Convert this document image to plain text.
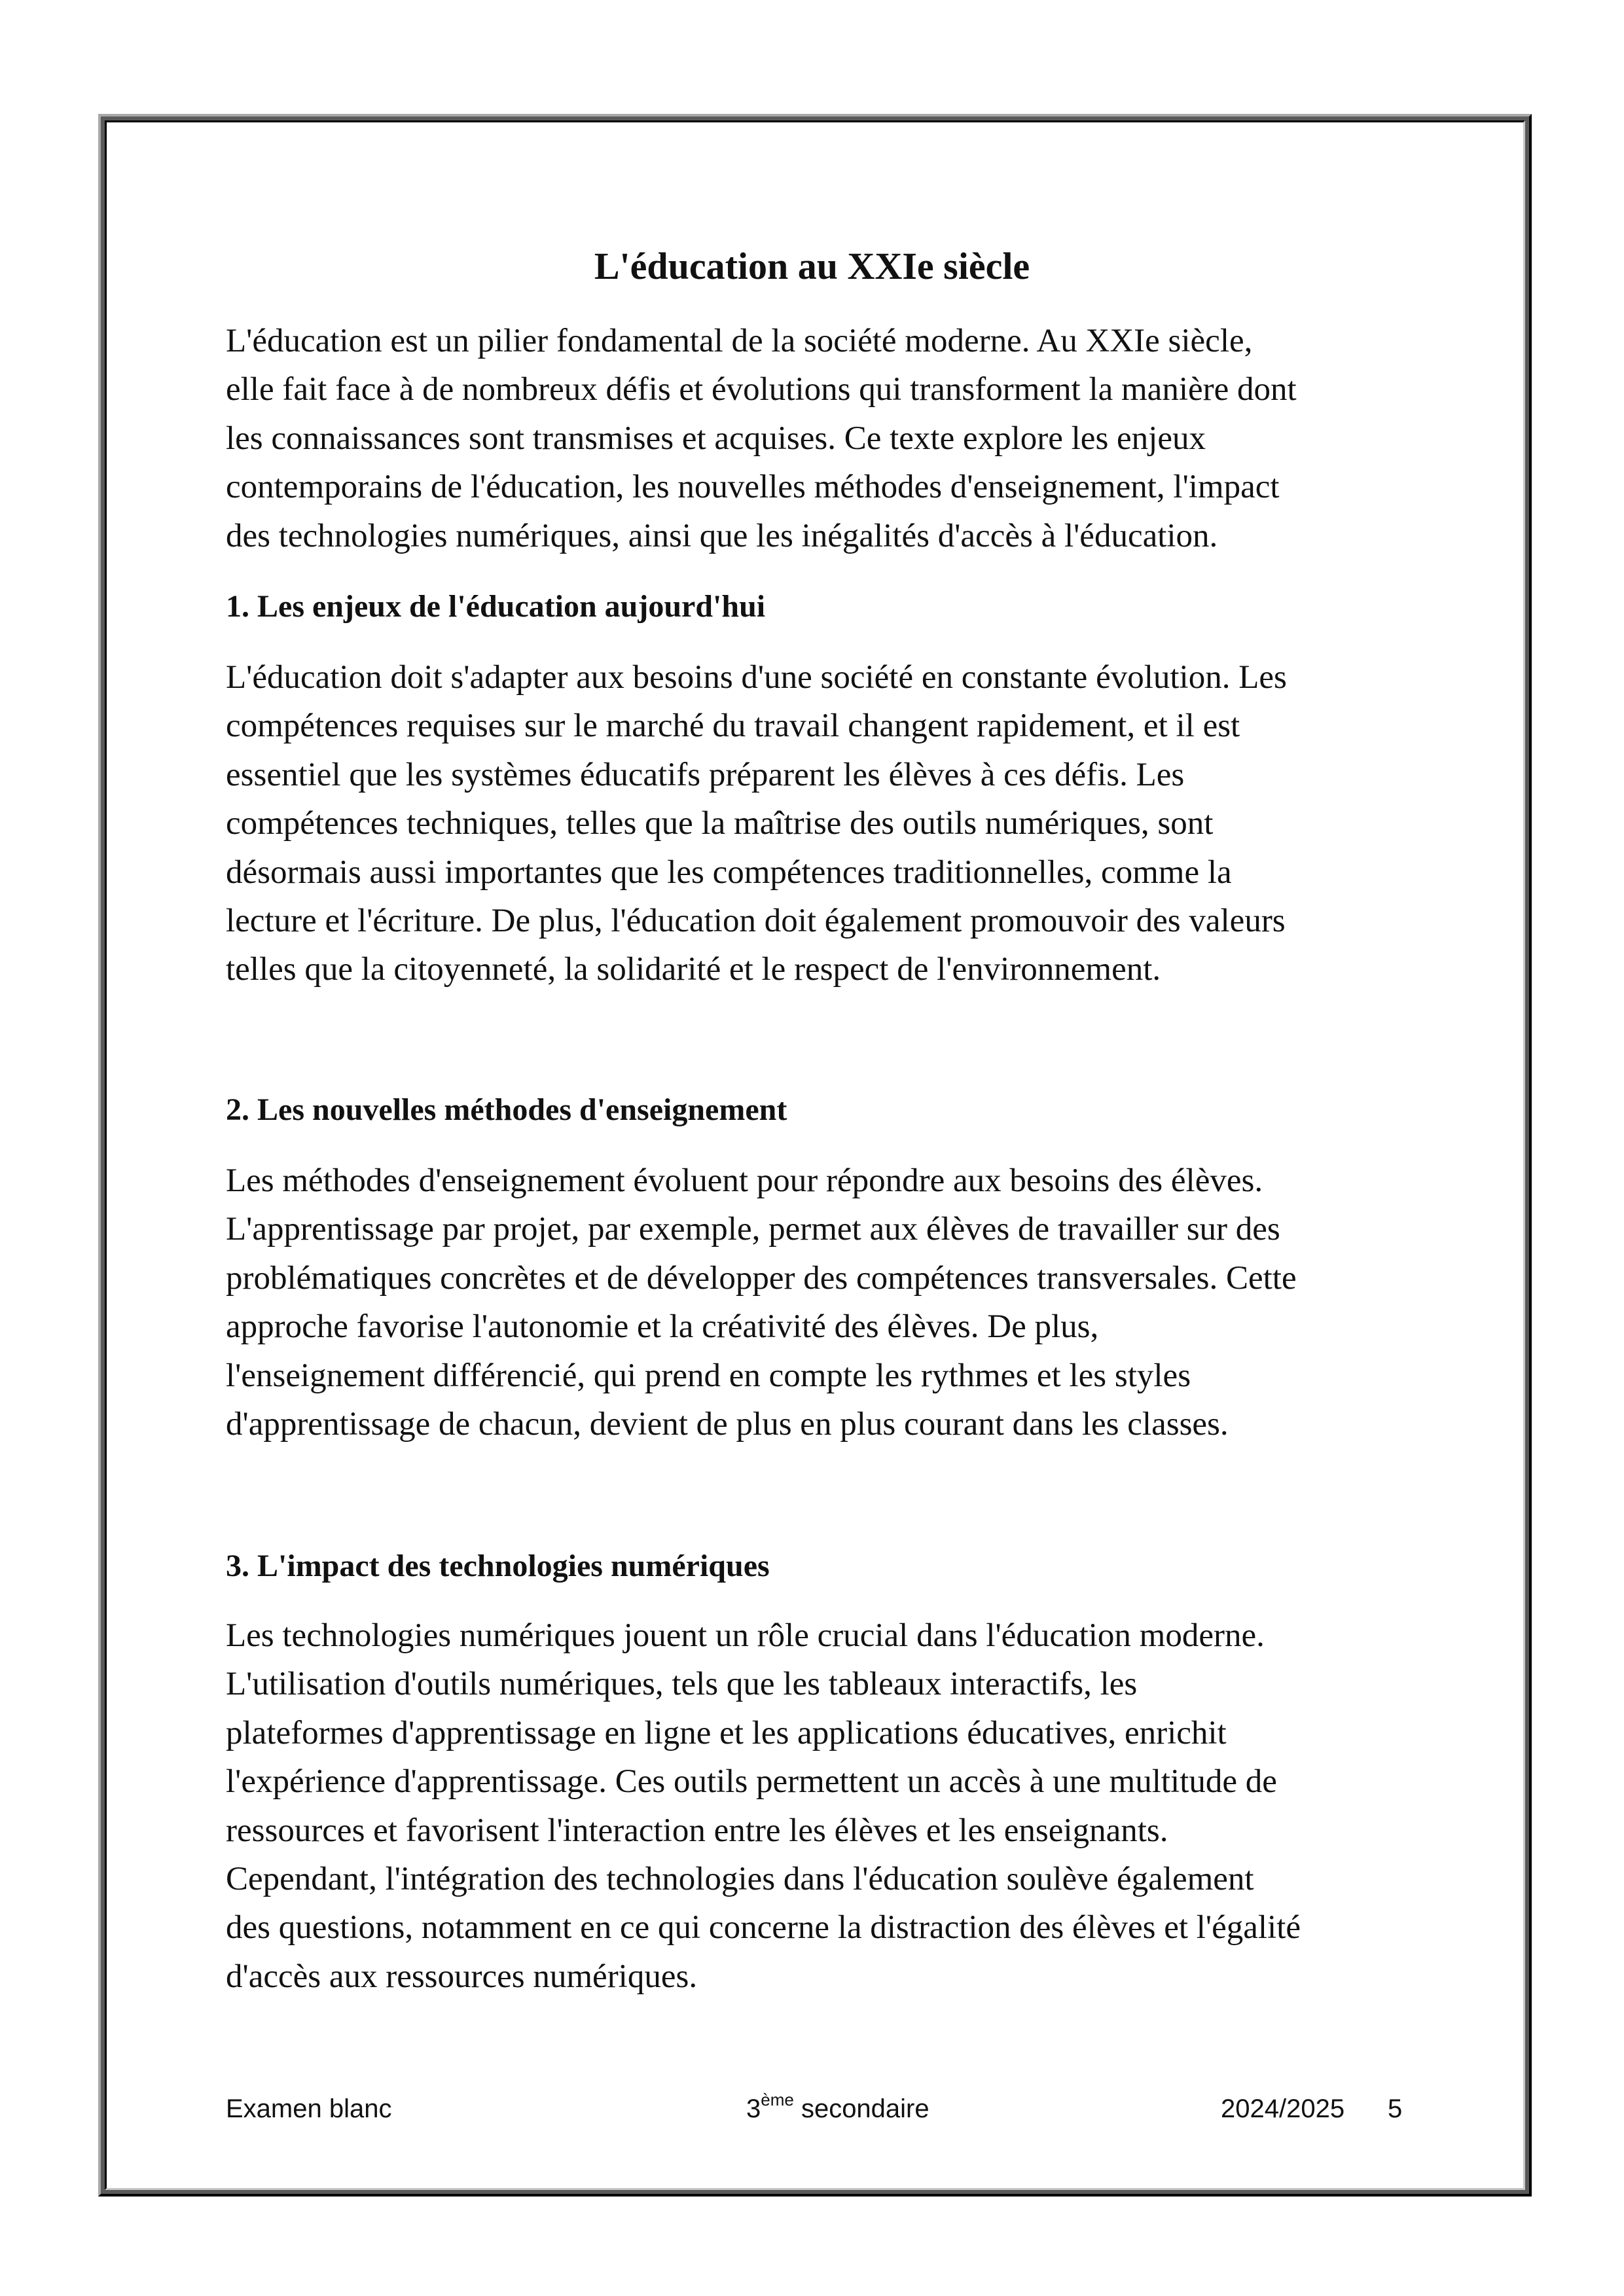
L'éducation au XXIe siècle
L'éducation est un pilier fondamental de la société moderne. Au XXIe siècle,
elle fait face à de nombreux défis et évolutions qui transforment la manière dont
les connaissances sont transmises et acquises. Ce texte explore les enjeux
contemporains de l'éducation, les nouvelles méthodes d'enseignement, l'impact
des technologies numériques, ainsi que les inégalités d'accès à l'éducation.
1. Les enjeux de l'éducation aujourd'hui
L'éducation doit s'adapter aux besoins d'une société en constante évolution. Les
compétences requises sur le marché du travail changent rapidement, et il est
essentiel que les systèmes éducatifs préparent les élèves à ces défis. Les
compétences techniques, telles que la maîtrise des outils numériques, sont
désormais aussi importantes que les compétences traditionnelles, comme la
lecture et l'écriture. De plus, l'éducation doit également promouvoir des valeurs
telles que la citoyenneté, la solidarité et le respect de l'environnement.
2. Les nouvelles méthodes d'enseignement
Les méthodes d'enseignement évoluent pour répondre aux besoins des élèves.
L'apprentissage par projet, par exemple, permet aux élèves de travailler sur des
problématiques concrètes et de développer des compétences transversales. Cette
approche favorise l'autonomie et la créativité des élèves. De plus,
l'enseignement différencié, qui prend en compte les rythmes et les styles
d'apprentissage de chacun, devient de plus en plus courant dans les classes.
3. L'impact des technologies numériques
Les technologies numériques jouent un rôle crucial dans l'éducation moderne.
L'utilisation d'outils numériques, tels que les tableaux interactifs, les
plateformes d'apprentissage en ligne et les applications éducatives, enrichit
l'expérience d'apprentissage. Ces outils permettent un accès à une multitude de
ressources et favorisent l'interaction entre les élèves et les enseignants.
Cependant, l'intégration des technologies dans l'éducation soulève également
des questions, notamment en ce qui concerne la distraction des élèves et l'égalité
d'accès aux ressources numériques.
Examen blanc	3ème secondaire	2024/2025 5
